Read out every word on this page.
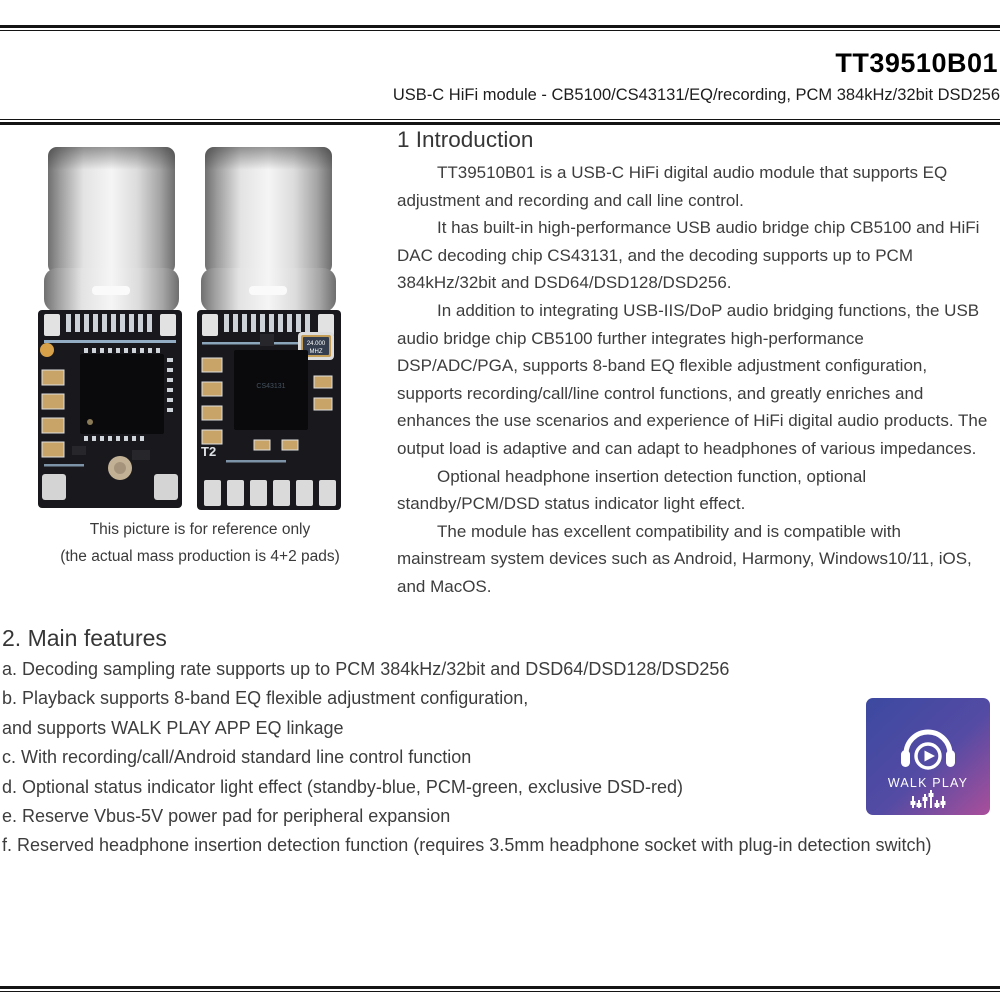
TT39510B01
USB-C HiFi module - CB5100/CS43131/EQ/recording, PCM 384kHz/32bit DSD256
24.000
MHZ
CS43131
T2
This picture is for reference only
(the actual mass production is 4+2 pads)
1 Introduction

TT39510B01 is a USB-C HiFi digital audio module that supports EQ adjustment and recording and call line control.

It has built-in high-performance USB audio bridge chip CB5100 and HiFi DAC decoding chip CS43131, and the decoding supports up to PCM 384kHz/32bit and DSD64/DSD128/DSD256.

In addition to integrating USB-IIS/DoP audio bridging functions, the USB audio bridge chip CB5100 further integrates high-performance DSP/ADC/PGA, supports 8-band EQ flexible adjustment configuration, supports recording/call/line control functions, and greatly enriches and enhances the use scenarios and experience of HiFi digital audio products. The output load is adaptive and can adapt to headphones of various impedances.

Optional headphone insertion detection function, optional standby/PCM/DSD status indicator light effect.

The module has excellent compatibility and is compatible with mainstream system devices such as Android, Harmony, Windows10/11, iOS, and MacOS.

2. Main features
a. Decoding sampling rate supports up to PCM 384kHz/32bit and DSD64/DSD128/DSD256
b. Playback supports 8-band EQ flexible adjustment configuration,
and supports WALK PLAY APP EQ linkage
c. With recording/call/Android standard line control function
d. Optional status indicator light effect (standby-blue, PCM-green, exclusive DSD-red)
e. Reserve Vbus-5V power pad for peripheral expansion
f. Reserved headphone insertion detection function (requires 3.5mm headphone socket with plug-in detection switch)
WALK PLAY
